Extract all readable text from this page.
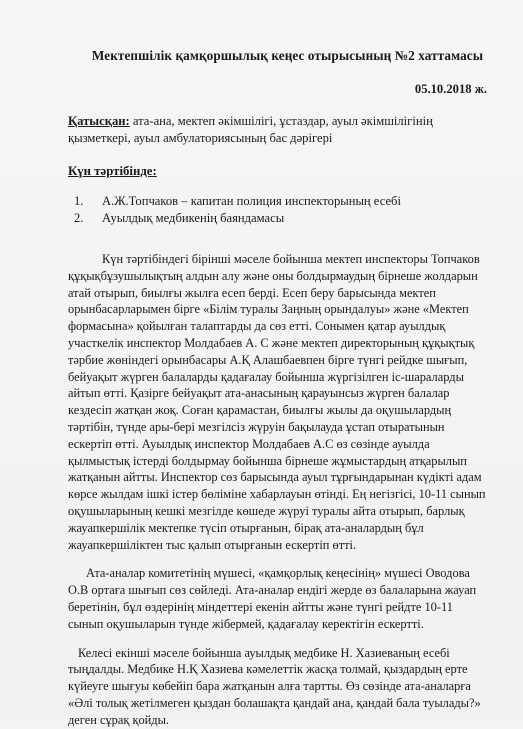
Мектепшілік қамқоршылық кеңес отырысының №2 хаттамасы
05.10.2018 ж.
Қатысқан: ата-ана, мектеп әкімшілігі, ұстаздар, ауыл әкімшілігінің қызметкері, ауыл амбулаториясының бас дәрігері
Күн тәртібінде:
1.	А.Ж.Топчаков – капитан полиция инспекторының есебі
2.	Ауылдық медбикенің баяндамасы

Күн тәртібіндегі бірінші мәселе бойынша мектеп инспекторы Топчаков құқықбұзушылықтың алдын алу және оны болдырмаудың бірнеше жолдарын атай отырып, биылғы жылға есеп берді. Есеп беру барысында мектеп орынбасарларымен бірге «Білім туралы Заңның орындалуы» және «Мектеп формасына» қойылған талаптарды да сөз етті. Сонымен қатар ауылдық участкелік инспектор Молдабаев А. С және мектеп директорының құқықтық тәрбие жөніндегі орынбасары А.Қ Алашбаевпен бірге түнгі рейдке шығып, бейуақыт жүрген балаларды қадағалау бойынша жүргізілген іс-шараларды айтып өтті. Қазірге бейуақыт ата-анасының қарауынсыз жүрген балалар кездесіп жатқан жоқ. Соған қарамастан, биылғы жылы да оқушылардың тәртібін, түнде ары-бері мезгілсіз жүруін бақылауда ұстап отыратынын ескертіп өтті. Ауылдық инспектор Молдабаев А.С өз сөзінде ауылда қылмыстық істерді болдырмау бойынша бірнеше жұмыстардың атқарылып жатқанын айтты. Инспектор сөз барысында ауыл тұрғындарынан күдікті адам көрсе жылдам ішкі істер бөліміне хабарлауын өтінді. Ең негізгісі, 10-11 сынып оқушыларының кешкі мезгілде көшеде жүруі туралы айта отырып, барлық жауапкершілік мектепке түсіп отырғанын, бірақ ата-аналардың бұл жауапкершіліктен тыс қалып отырғанын ескертіп өтті.

Ата-аналар комитетінің мүшесі, «қамқорлық кеңесінің» мүшесі Оводова О.В ортаға шығып сөз сөйледі. Ата-аналар ендігі жерде өз балаларына жауап беретінін, бұл өздерінің міндеттері екенін айтты және түнгі рейдте 10-11 сынып оқушыларын түнде жібермей, қадағалау керектігін ескертті.

Келесі екінші мәселе бойынша ауылдық медбике Н. Хазиеваның есебі тыңдалды. Медбике Н.Қ Хазиева кәмелеттік жасқа толмай, қыздардың ерте күйеуге шығуы көбейіп бара жатқанын алға тартты. Өз сөзінде ата-аналарға «Әлі толық жетілмеген қыздан болашақта қандай ана, қандай бала туылады?» деген сұрақ қойды.
